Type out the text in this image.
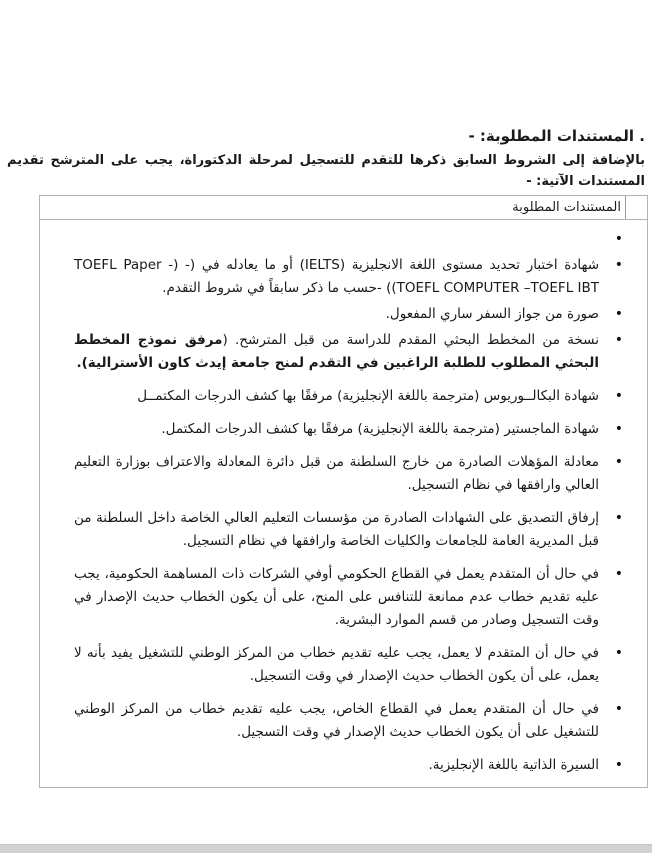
. المستندات المطلوبة: -

بالإضافة إلى الشروط السابق ذكرها للتقدم للتسجيل لمرحلة الدكتوراة، يجب على المترشح تقديم المستندات الآتية: -

المستندات المطلوبة
•
• شهادة اختبار تحديد مستوى اللغة الانجليزية (IELTS) أو ما يعادله في (- (TOEFL Paper -TOEFL COMPUTER –TOEFL IBT)) -حسب ما ذكر سابقاً في شروط التقدم.
• صورة من جواز السفر ساري المفعول.
• نسخة من المخطط البحثي المقدم للدراسة من قبل المترشح. (مرفق نموذج المخطط البحثي المطلوب للطلبة الراغبين في التقدم لمنح جامعة إيدث كاون الأسترالية).
• شهادة البكالــوريوس (مترجمة باللغة الإنجليزية) مرفقًا بها كشف الدرجات المكتمــل
• شهادة الماجستير (مترجمة باللغة الإنجليزية) مرفقًا بها كشف الدرجات المكتمل.
• معادلة المؤهلات الصادرة من خارج السلطنة من قبل دائرة المعادلة والاعتراف بوزارة التعليم العالي وارافقها في نظام التسجيل.
• إرفاق التصديق على الشهادات الصادرة من مؤسسات التعليم العالي الخاصة داخل السلطنة من قبل المديرية العامة للجامعات والكليات الخاصة وارافقها في نظام التسجيل.
• في حال أن المتقدم يعمل في القطاع الحكومي أوفي الشركات ذات المساهمة الحكومية، يجب عليه تقديم خطاب عدم ممانعة للتنافس على المنح، على أن يكون الخطاب حديث الإصدار في وقت التسجيل وصادر من قسم الموارد البشرية.
• في حال أن المتقدم لا يعمل، يجب عليه تقديم خطاب من المركز الوطني للتشغيل يفيد بأنه لا يعمل، على أن يكون الخطاب حديث الإصدار في وقت التسجيل.
• في حال أن المتقدم يعمل في القطاع الخاص، يجب عليه تقديم خطاب من المركز الوطني للتشغيل على أن يكون الخطاب حديث الإصدار في وقت التسجيل.
• السيرة الذاتية باللغة الإنجليزية.
